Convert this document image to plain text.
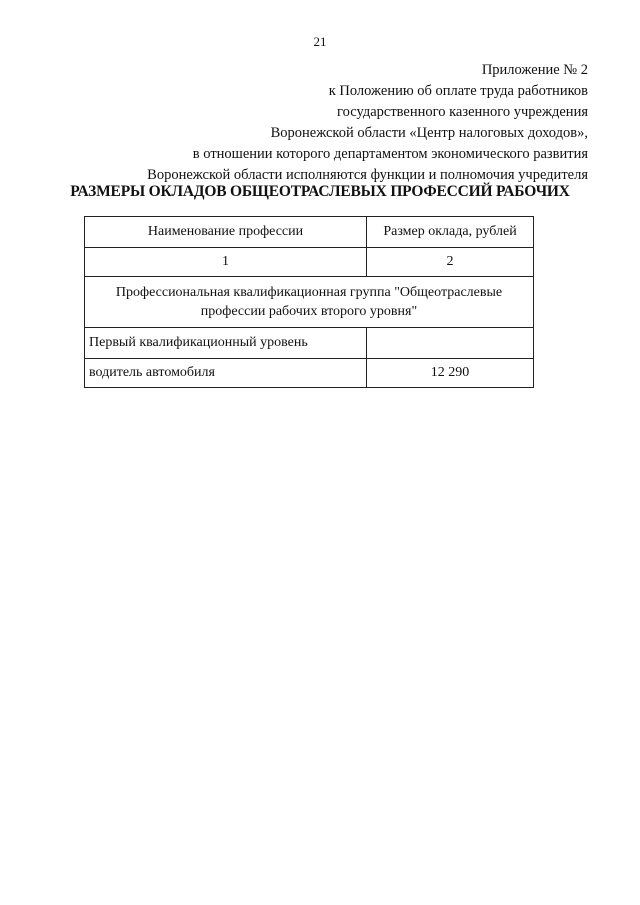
21
Приложение № 2
к Положению об оплате труда работников
государственного казенного учреждения
Воронежской области «Центр налоговых доходов»,
в отношении которого департаментом экономического развития
Воронежской области исполняются функции и полномочия учредителя
РАЗМЕРЫ ОКЛАДОВ ОБЩЕОТРАСЛЕВЫХ ПРОФЕССИЙ РАБОЧИХ
Наименование профессии	Размер оклада, рублей
1	2
Профессиональная квалификационная группа "Общеотраслевые профессии рабочих второго уровня"	
Первый квалификационный уровень	
водитель автомобиля	12 290
